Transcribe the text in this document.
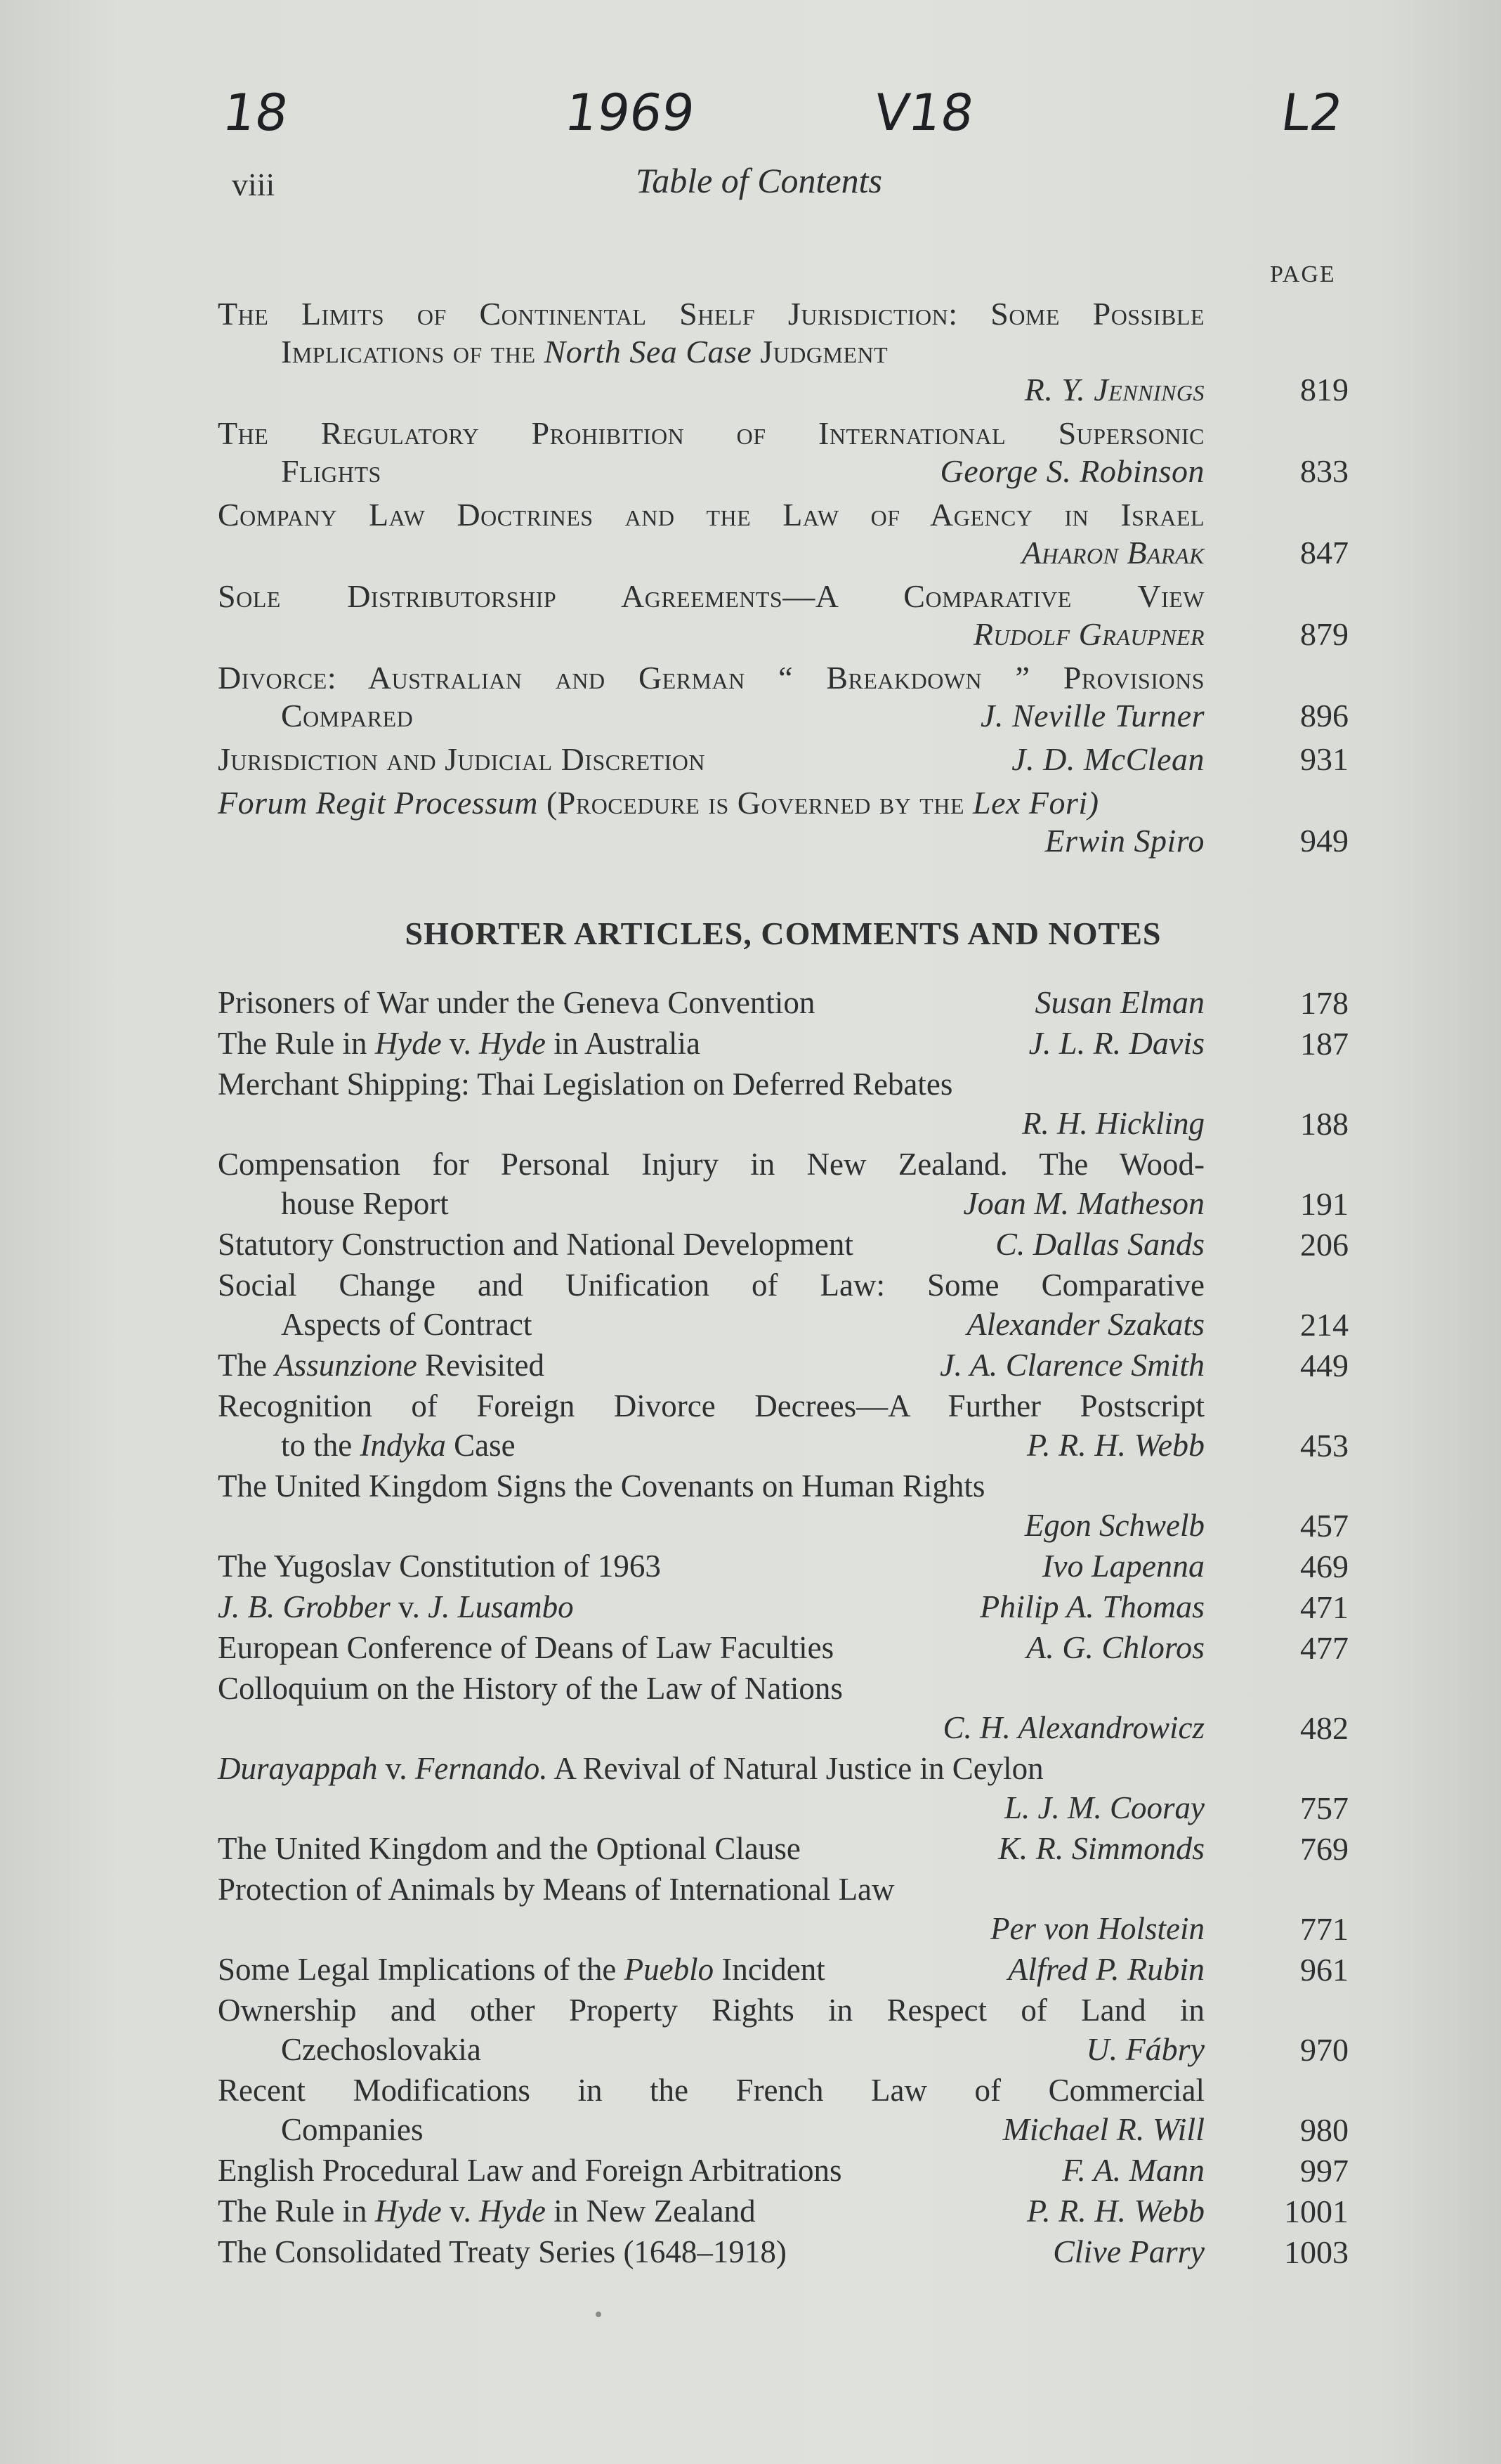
18	1969	V18	L2
viii	Table of Contents
PAGE
The Limits of Continental Shelf Jurisdiction: Some Possible
Implications of the North Sea Case Judgment
R. Y. Jennings	819
The Regulatory Prohibition of International Supersonic
Flights	George S. Robinson	833
Company Law Doctrines and the Law of Agency in Israel
Aharon Barak	847
Sole Distributorship Agreements—A Comparative View
Rudolf Graupner	879
Divorce: Australian and German “ Breakdown ” Provisions
Compared	J. Neville Turner	896
Jurisdiction and Judicial Discretion	J. D. McClean	931
Forum Regit Processum (Procedure is Governed by the Lex Fori)
Erwin Spiro	949
SHORTER ARTICLES, COMMENTS AND NOTES
Prisoners of War under the Geneva Convention	Susan Elman	178
The Rule in Hyde v. Hyde in Australia	J. L. R. Davis	187
Merchant Shipping: Thai Legislation on Deferred Rebates
R. H. Hickling	188
Compensation for Personal Injury in New Zealand. The Wood-
house Report	Joan M. Matheson	191
Statutory Construction and National Development	C. Dallas Sands	206
Social Change and Unification of Law: Some Comparative
Aspects of Contract	Alexander Szakats	214
The Assunzione Revisited	J. A. Clarence Smith	449
Recognition of Foreign Divorce Decrees—A Further Postscript
to the Indyka Case	P. R. H. Webb	453
The United Kingdom Signs the Covenants on Human Rights
Egon Schwelb	457
The Yugoslav Constitution of 1963	Ivo Lapenna	469
J. B. Grobber v. J. Lusambo	Philip A. Thomas	471
European Conference of Deans of Law Faculties	A. G. Chloros	477
Colloquium on the History of the Law of Nations
C. H. Alexandrowicz	482
Durayappah v. Fernando. A Revival of Natural Justice in Ceylon
L. J. M. Cooray	757
The United Kingdom and the Optional Clause	K. R. Simmonds	769
Protection of Animals by Means of International Law
Per von Holstein	771
Some Legal Implications of the Pueblo Incident	Alfred P. Rubin	961
Ownership and other Property Rights in Respect of Land in
Czechoslovakia	U. Fábry	970
Recent Modifications in the French Law of Commercial
Companies	Michael R. Will	980
English Procedural Law and Foreign Arbitrations	F. A. Mann	997
The Rule in Hyde v. Hyde in New Zealand	P. R. H. Webb	1001
The Consolidated Treaty Series (1648–1918)	Clive Parry	1003
